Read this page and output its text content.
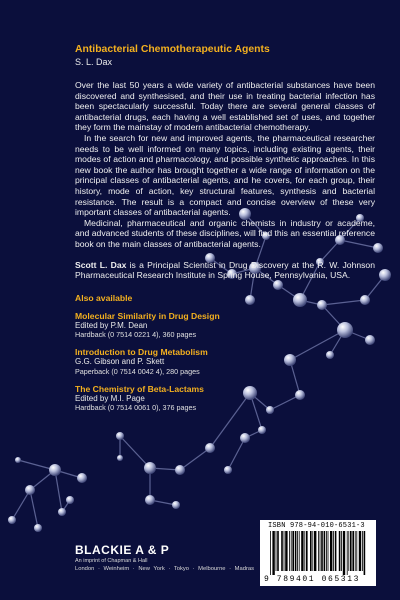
Antibacterial Chemotherapeutic Agents
S. L. Dax

Over the last 50 years a wide variety of antibacterial substances have been discovered and synthesised, and their use in treating bacterial infection has been spectacularly successful. Today there are several general classes of antibacterial drugs, each having a well established set of uses, and together they form the mainstay of modern antibacterial chemotherapy.

In the search for new and improved agents, the pharmaceutical researcher needs to be well informed on many topics, including existing agents, their modes of action and pharmacology, and possible synthetic approaches. In this new book the author has brought together a wide range of information on the principal classes of antibacterial agents, and he covers, for each group, their history, mode of action, key structural features, synthesis and bacterial resistance. The result is a compact and concise overview of these very important classes of antibacterial agents.

Medicinal, pharmaceutical and organic chemists in industry or academe, and advanced students of these disciplines, will find this an essential reference book on the main classes of antibacterial agents.

Scott L. Dax is a Principal Scientist in Drug Discovery at the R. W. Johnson Pharmaceutical Research Institute in Spring House, Pennsylvania, USA.
Also available
Molecular Similarity in Drug Design
Edited by P.M. Dean
Hardback (0 7514 0221 4), 360 pages
Introduction to Drug Metabolism
G.G. Gibson and P. Skett
Paperback (0 7514 0042 4), 280 pages
The Chemistry of Beta-Lactams
Edited by M.I. Page
Hardback (0 7514 0061 0), 376 pages
BLACKIE A & P
An imprint of Chapman & Hall
London · Weinheim · New York · Tokyo · Melbourne · Madras
ISBN 978-94-010-6531-3
9 789401 065313
